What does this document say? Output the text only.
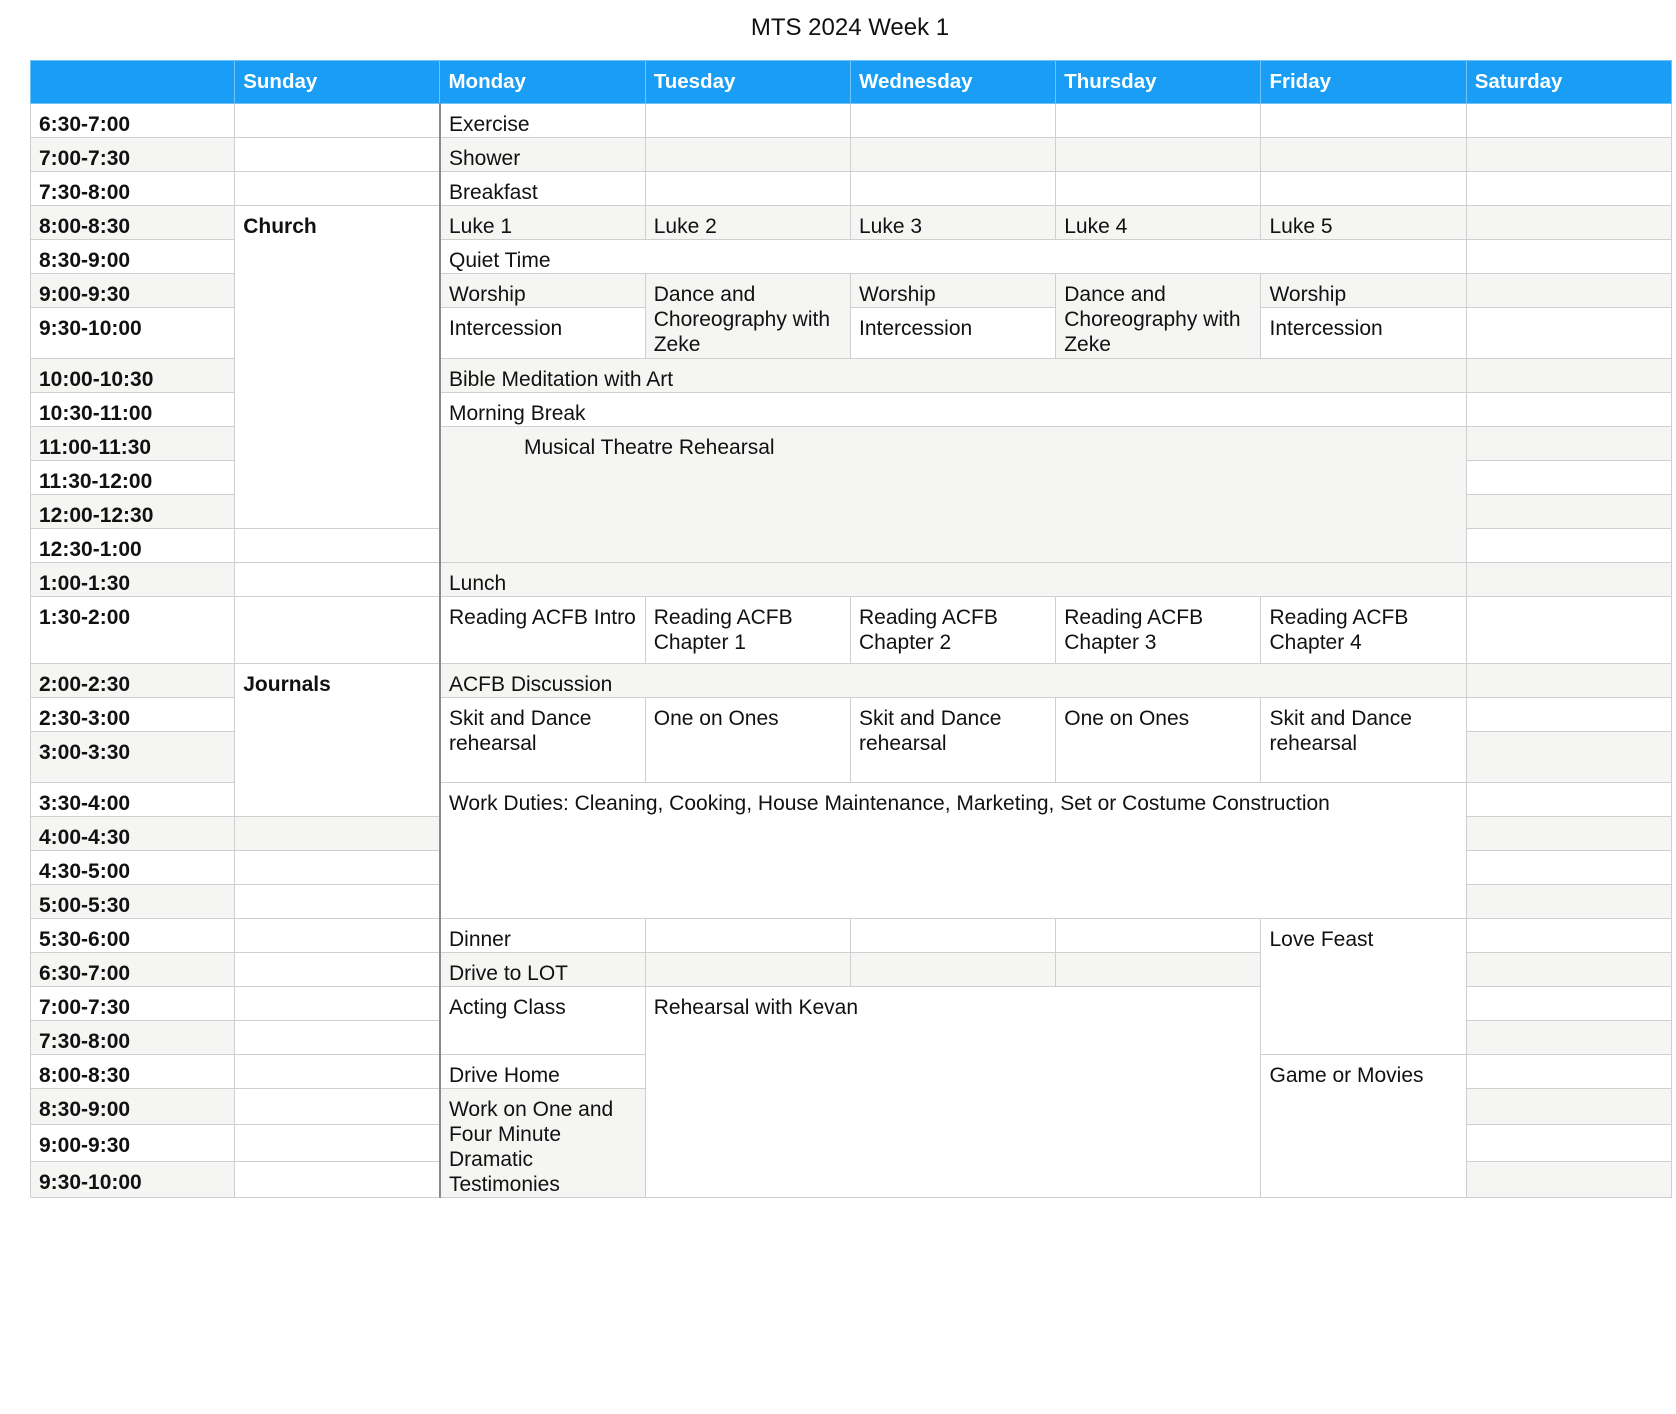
MTS 2024 Week 1
	Sunday	Monday	Tuesday	Wednesday	Thursday	Friday	Saturday
6:30-7:00		Exercise					
7:00-7:30		Shower					
7:30-8:00		Breakfast					
8:00-8:30	Church	Luke 1	Luke 2	Luke 3	Luke 4	Luke 5	
8:30-9:00		Quiet Time					
9:00-9:30		Worship	Dance and Choreography with Zeke	Worship	Dance and Choreography with Zeke	Worship	
9:30-10:00		Intercession		Intercession		Intercession	
10:00-10:30		Bible Meditation with Art					
10:30-11:00		Morning Break					
11:00-11:30		Musical Theatre Rehearsal					
11:30-12:00							
12:00-12:30							
12:30-1:00							
1:00-1:30		Lunch					
1:30-2:00		Reading ACFB Intro	Reading ACFB Chapter 1	Reading ACFB Chapter 2	Reading ACFB Chapter 3	Reading ACFB Chapter 4	
2:00-2:30	Journals	ACFB Discussion					
2:30-3:00		Skit and Dance rehearsal	One on Ones	Skit and Dance rehearsal	One on Ones	Skit and Dance rehearsal	
3:00-3:30							
3:30-4:00		Work Duties: Cleaning, Cooking, House Maintenance, Marketing, Set or Costume Construction					
4:00-4:30							
4:30-5:00							
5:00-5:30							
5:30-6:00		Dinner				Love Feast	
6:30-7:00		Drive to LOT					
7:00-7:30		Acting Class	Rehearsal with Kevan				
7:30-8:00							
8:00-8:30		Drive Home				Game or Movies	
8:30-9:00		Work on One and Four Minute Dramatic Testimonies					
9:00-9:30							
9:30-10:00							
